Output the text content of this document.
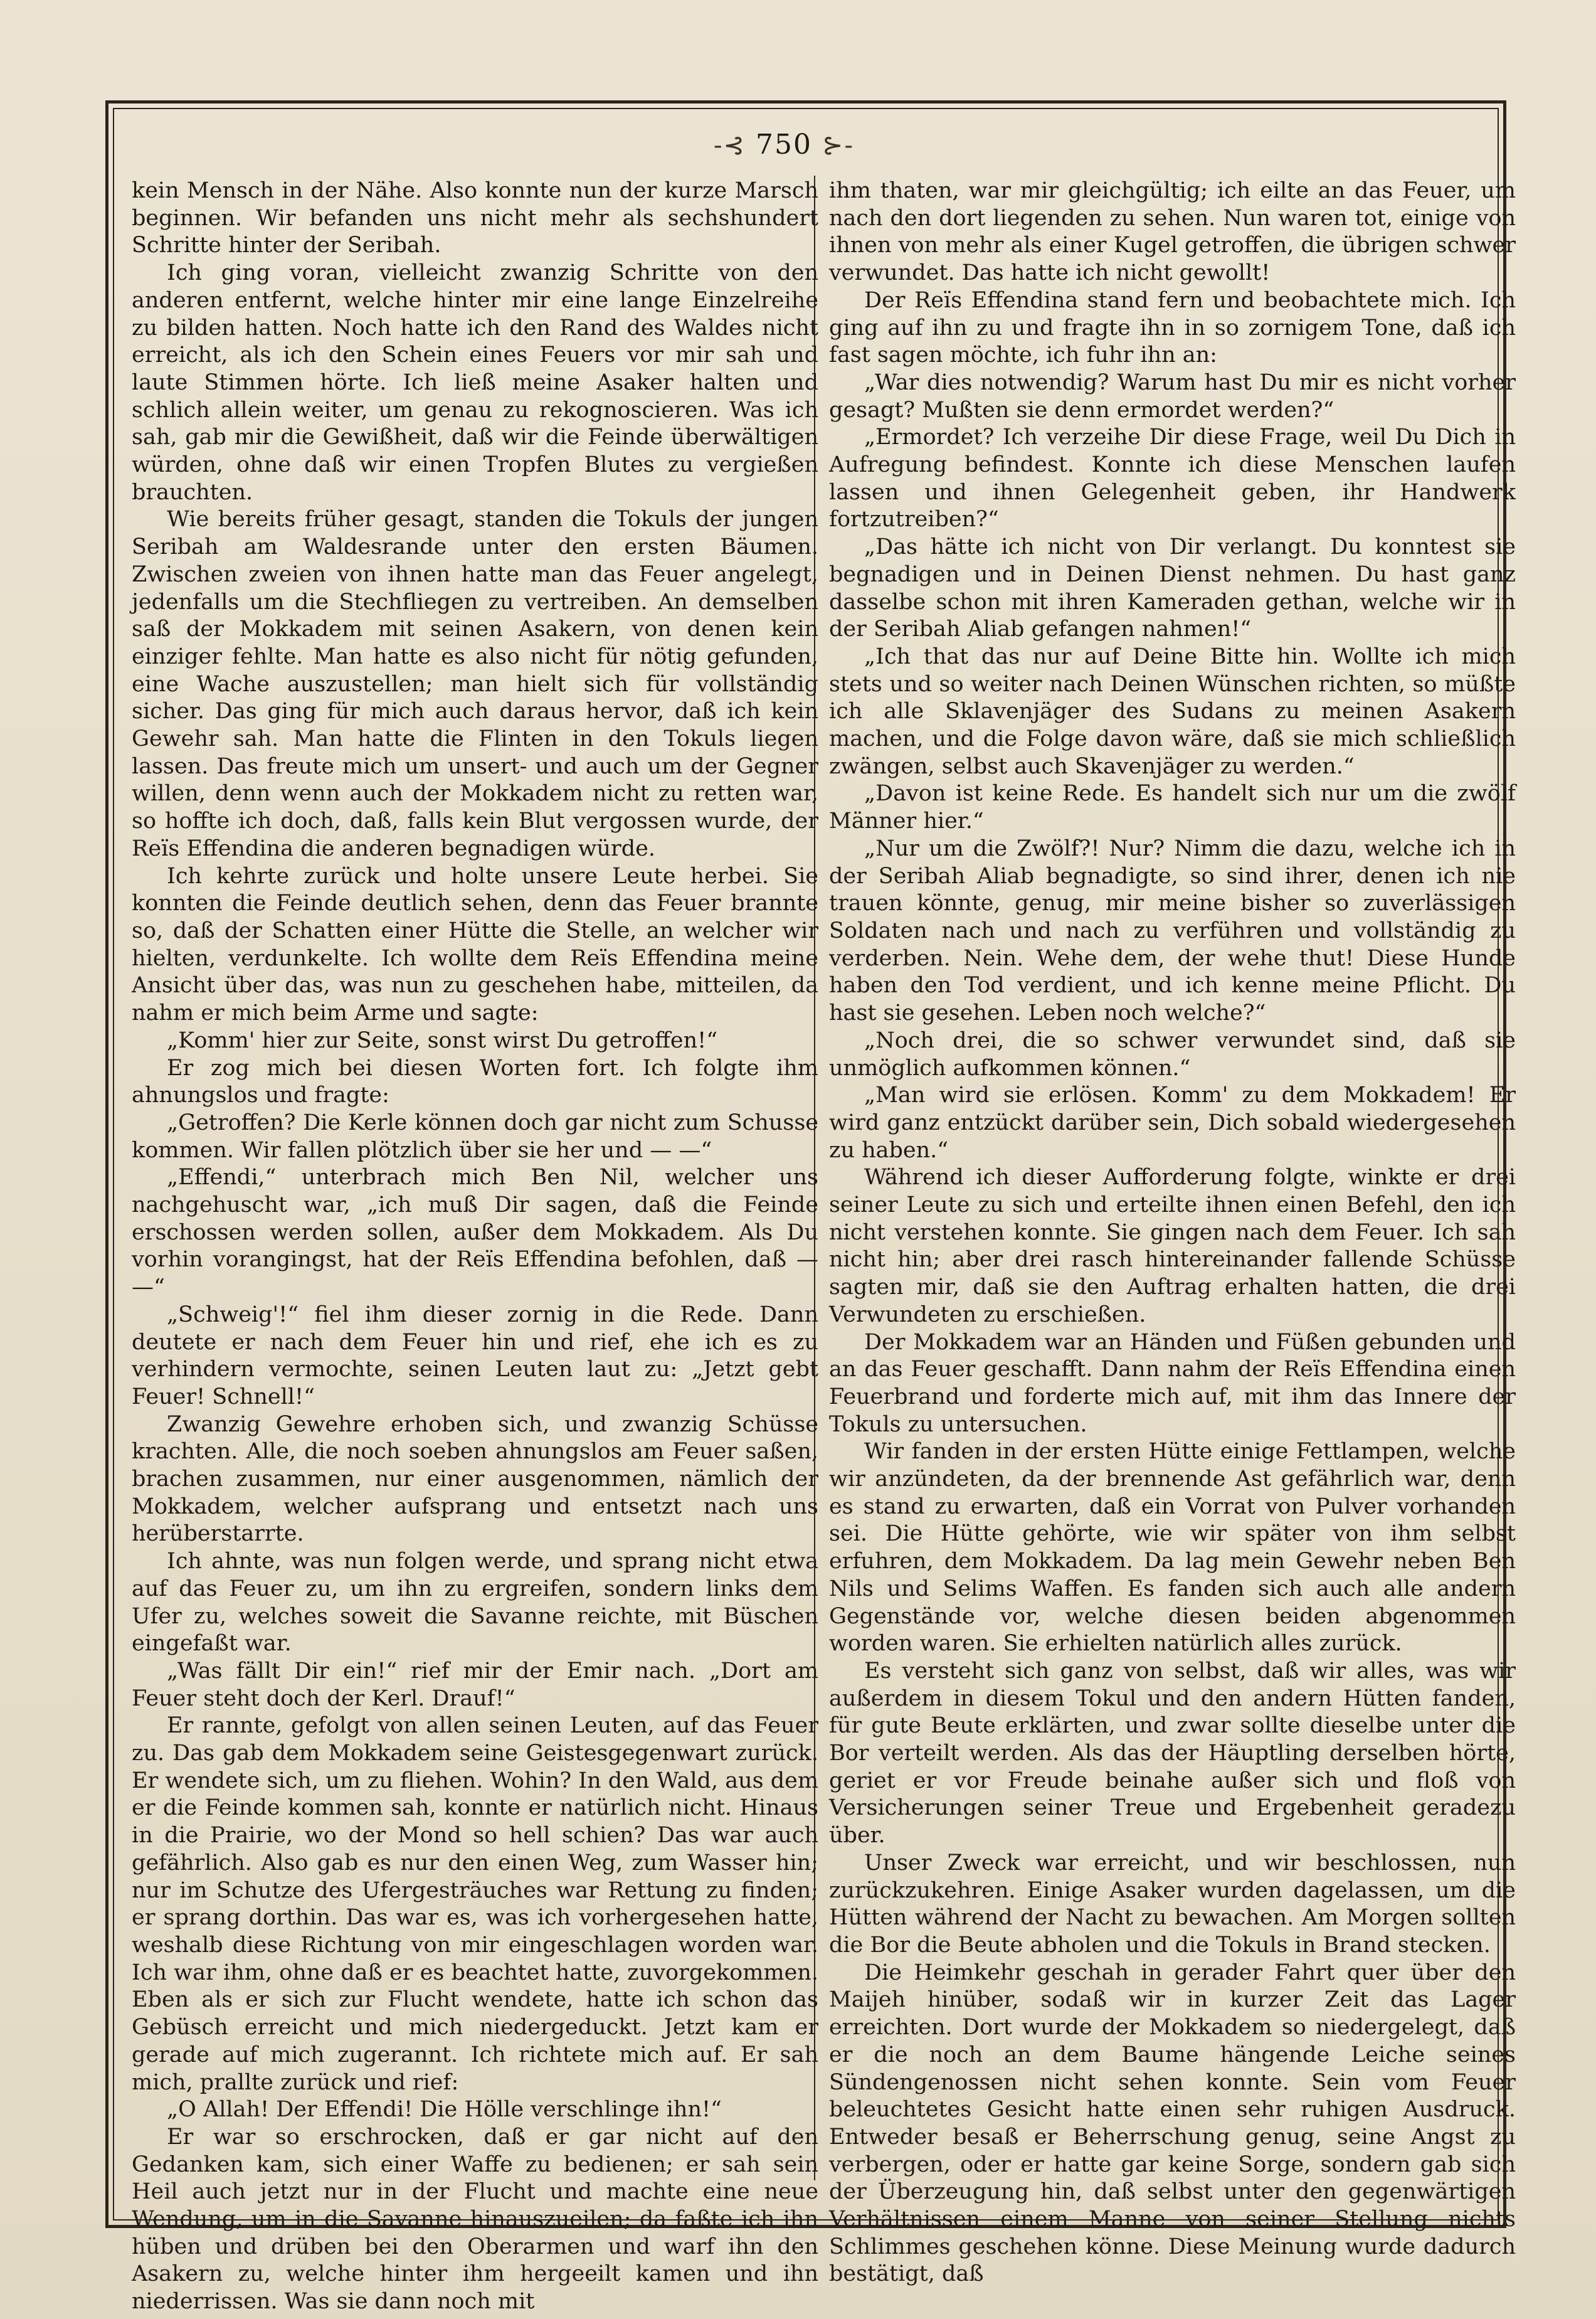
-⊰ 750 ⊱-

kein Mensch in der Nähe. Also konnte nun der kurze Marsch beginnen. Wir befanden uns nicht mehr als sechshundert Schritte hinter der Seribah.

Ich ging voran, vielleicht zwanzig Schritte von den anderen entfernt, welche hinter mir eine lange Einzelreihe zu bilden hatten. Noch hatte ich den Rand des Waldes nicht erreicht, als ich den Schein eines Feuers vor mir sah und laute Stimmen hörte. Ich ließ meine Asaker halten und schlich allein weiter, um genau zu rekognoscieren. Was ich sah, gab mir die Gewißheit, daß wir die Feinde überwältigen würden, ohne daß wir einen Tropfen Blutes zu vergießen brauchten.

Wie bereits früher gesagt, standen die Tokuls der jungen Seribah am Waldesrande unter den ersten Bäumen. Zwischen zweien von ihnen hatte man das Feuer angelegt, jedenfalls um die Stechfliegen zu vertreiben. An demselben saß der Mokkadem mit seinen Asakern, von denen kein einziger fehlte. Man hatte es also nicht für nötig gefunden, eine Wache auszustellen; man hielt sich für vollständig sicher. Das ging für mich auch daraus hervor, daß ich kein Gewehr sah. Man hatte die Flinten in den Tokuls liegen lassen. Das freute mich um unsert- und auch um der Gegner willen, denn wenn auch der Mokkadem nicht zu retten war, so hoffte ich doch, daß, falls kein Blut vergossen wurde, der Reïs Effendina die anderen begnadigen würde.

Ich kehrte zurück und holte unsere Leute herbei. Sie konnten die Feinde deutlich sehen, denn das Feuer brannte so, daß der Schatten einer Hütte die Stelle, an welcher wir hielten, verdunkelte. Ich wollte dem Reïs Effendina meine Ansicht über das, was nun zu geschehen habe, mitteilen, da nahm er mich beim Arme und sagte:

„Komm' hier zur Seite, sonst wirst Du getroffen!“

Er zog mich bei diesen Worten fort. Ich folgte ihm ahnungslos und fragte:

„Getroffen? Die Kerle können doch gar nicht zum Schusse kommen. Wir fallen plötzlich über sie her und — —“

„Effendi,“ unterbrach mich Ben Nil, welcher uns nachgehuscht war, „ich muß Dir sagen, daß die Feinde erschossen werden sollen, außer dem Mokkadem. Als Du vorhin vorangingst, hat der Reïs Effendina befohlen, daß — —“

„Schweig'!“ fiel ihm dieser zornig in die Rede. Dann deutete er nach dem Feuer hin und rief, ehe ich es zu verhindern vermochte, seinen Leuten laut zu: „Jetzt gebt Feuer! Schnell!“

Zwanzig Gewehre erhoben sich, und zwanzig Schüsse krachten. Alle, die noch soeben ahnungslos am Feuer saßen, brachen zusammen, nur einer ausgenommen, nämlich der Mokkadem, welcher aufsprang und entsetzt nach uns herüberstarrte.

Ich ahnte, was nun folgen werde, und sprang nicht etwa auf das Feuer zu, um ihn zu ergreifen, sondern links dem Ufer zu, welches soweit die Savanne reichte, mit Büschen eingefaßt war.

„Was fällt Dir ein!“ rief mir der Emir nach. „Dort am Feuer steht doch der Kerl. Drauf!“

Er rannte, gefolgt von allen seinen Leuten, auf das Feuer zu. Das gab dem Mokkadem seine Geistesgegenwart zurück. Er wendete sich, um zu fliehen. Wohin? In den Wald, aus dem er die Feinde kommen sah, konnte er natürlich nicht. Hinaus in die Prairie, wo der Mond so hell schien? Das war auch gefährlich. Also gab es nur den einen Weg, zum Wasser hin; nur im Schutze des Ufergesträuches war Rettung zu finden; er sprang dorthin. Das war es, was ich vorhergesehen hatte, weshalb diese Richtung von mir eingeschlagen worden war. Ich war ihm, ohne daß er es beachtet hatte, zuvorgekommen. Eben als er sich zur Flucht wendete, hatte ich schon das Gebüsch erreicht und mich niedergeduckt. Jetzt kam er gerade auf mich zugerannt. Ich richtete mich auf. Er sah mich, prallte zurück und rief:

„O Allah! Der Effendi! Die Hölle verschlinge ihn!“

Er war so erschrocken, daß er gar nicht auf den Gedanken kam, sich einer Waffe zu bedienen; er sah sein Heil auch jetzt nur in der Flucht und machte eine neue Wendung, um in die Savanne hinauszueilen; da faßte ich ihn hüben und drüben bei den Oberarmen und warf ihn den Asakern zu, welche hinter ihm hergeeilt kamen und ihn niederrissen. Was sie dann noch mit

ihm thaten, war mir gleichgültig; ich eilte an das Feuer, um nach den dort liegenden zu sehen. Nun waren tot, einige von ihnen von mehr als einer Kugel getroffen, die übrigen schwer verwundet. Das hatte ich nicht gewollt!

Der Reïs Effendina stand fern und beobachtete mich. Ich ging auf ihn zu und fragte ihn in so zornigem Tone, daß ich fast sagen möchte, ich fuhr ihn an:

„War dies notwendig? Warum hast Du mir es nicht vorher gesagt? Mußten sie denn ermordet werden?“

„Ermordet? Ich verzeihe Dir diese Frage, weil Du Dich in Aufregung befindest. Konnte ich diese Menschen laufen lassen und ihnen Gelegenheit geben, ihr Handwerk fortzutreiben?“

„Das hätte ich nicht von Dir verlangt. Du konntest sie begnadigen und in Deinen Dienst nehmen. Du hast ganz dasselbe schon mit ihren Kameraden gethan, welche wir in der Seribah Aliab gefangen nahmen!“

„Ich that das nur auf Deine Bitte hin. Wollte ich mich stets und so weiter nach Deinen Wünschen richten, so müßte ich alle Sklavenjäger des Sudans zu meinen Asakern machen, und die Folge davon wäre, daß sie mich schließlich zwängen, selbst auch Skavenjäger zu werden.“

„Davon ist keine Rede. Es handelt sich nur um die zwölf Männer hier.“

„Nur um die Zwölf?! Nur? Nimm die dazu, welche ich in der Seribah Aliab begnadigte, so sind ihrer, denen ich nie trauen könnte, genug, mir meine bisher so zuverlässigen Soldaten nach und nach zu verführen und vollständig zu verderben. Nein. Wehe dem, der wehe thut! Diese Hunde haben den Tod verdient, und ich kenne meine Pflicht. Du hast sie gesehen. Leben noch welche?“

„Noch drei, die so schwer verwundet sind, daß sie unmöglich aufkommen können.“

„Man wird sie erlösen. Komm' zu dem Mokkadem! Er wird ganz entzückt darüber sein, Dich sobald wiedergesehen zu haben.“

Während ich dieser Aufforderung folgte, winkte er drei seiner Leute zu sich und erteilte ihnen einen Befehl, den ich nicht verstehen konnte. Sie gingen nach dem Feuer. Ich sah nicht hin; aber drei rasch hintereinander fallende Schüsse sagten mir, daß sie den Auftrag erhalten hatten, die drei Verwundeten zu erschießen.

Der Mokkadem war an Händen und Füßen gebunden und an das Feuer geschafft. Dann nahm der Reïs Effendina einen Feuerbrand und forderte mich auf, mit ihm das Innere der Tokuls zu untersuchen.

Wir fanden in der ersten Hütte einige Fettlampen, welche wir anzündeten, da der brennende Ast gefährlich war, denn es stand zu erwarten, daß ein Vorrat von Pulver vorhanden sei. Die Hütte gehörte, wie wir später von ihm selbst erfuhren, dem Mokkadem. Da lag mein Gewehr neben Ben Nils und Selims Waffen. Es fanden sich auch alle andern Gegenstände vor, welche diesen beiden abgenommen worden waren. Sie erhielten natürlich alles zurück.

Es versteht sich ganz von selbst, daß wir alles, was wir außerdem in diesem Tokul und den andern Hütten fanden, für gute Beute erklärten, und zwar sollte dieselbe unter die Bor verteilt werden. Als das der Häuptling derselben hörte, geriet er vor Freude beinahe außer sich und floß von Versicherungen seiner Treue und Ergebenheit geradezu über.

Unser Zweck war erreicht, und wir beschlossen, nun zurückzukehren. Einige Asaker wurden dagelassen, um die Hütten während der Nacht zu bewachen. Am Morgen sollten die Bor die Beute abholen und die Tokuls in Brand stecken.

Die Heimkehr geschah in gerader Fahrt quer über den Maijeh hinüber, sodaß wir in kurzer Zeit das Lager erreichten. Dort wurde der Mokkadem so niedergelegt, daß er die noch an dem Baume hängende Leiche seines Sündengenossen nicht sehen konnte. Sein vom Feuer beleuchtetes Gesicht hatte einen sehr ruhigen Ausdruck. Entweder besaß er Beherrschung genug, seine Angst zu verbergen, oder er hatte gar keine Sorge, sondern gab sich der Überzeugung hin, daß selbst unter den gegenwärtigen Verhältnissen einem Manne von seiner Stellung nichts Schlimmes geschehen könne. Diese Meinung wurde dadurch bestätigt, daß
